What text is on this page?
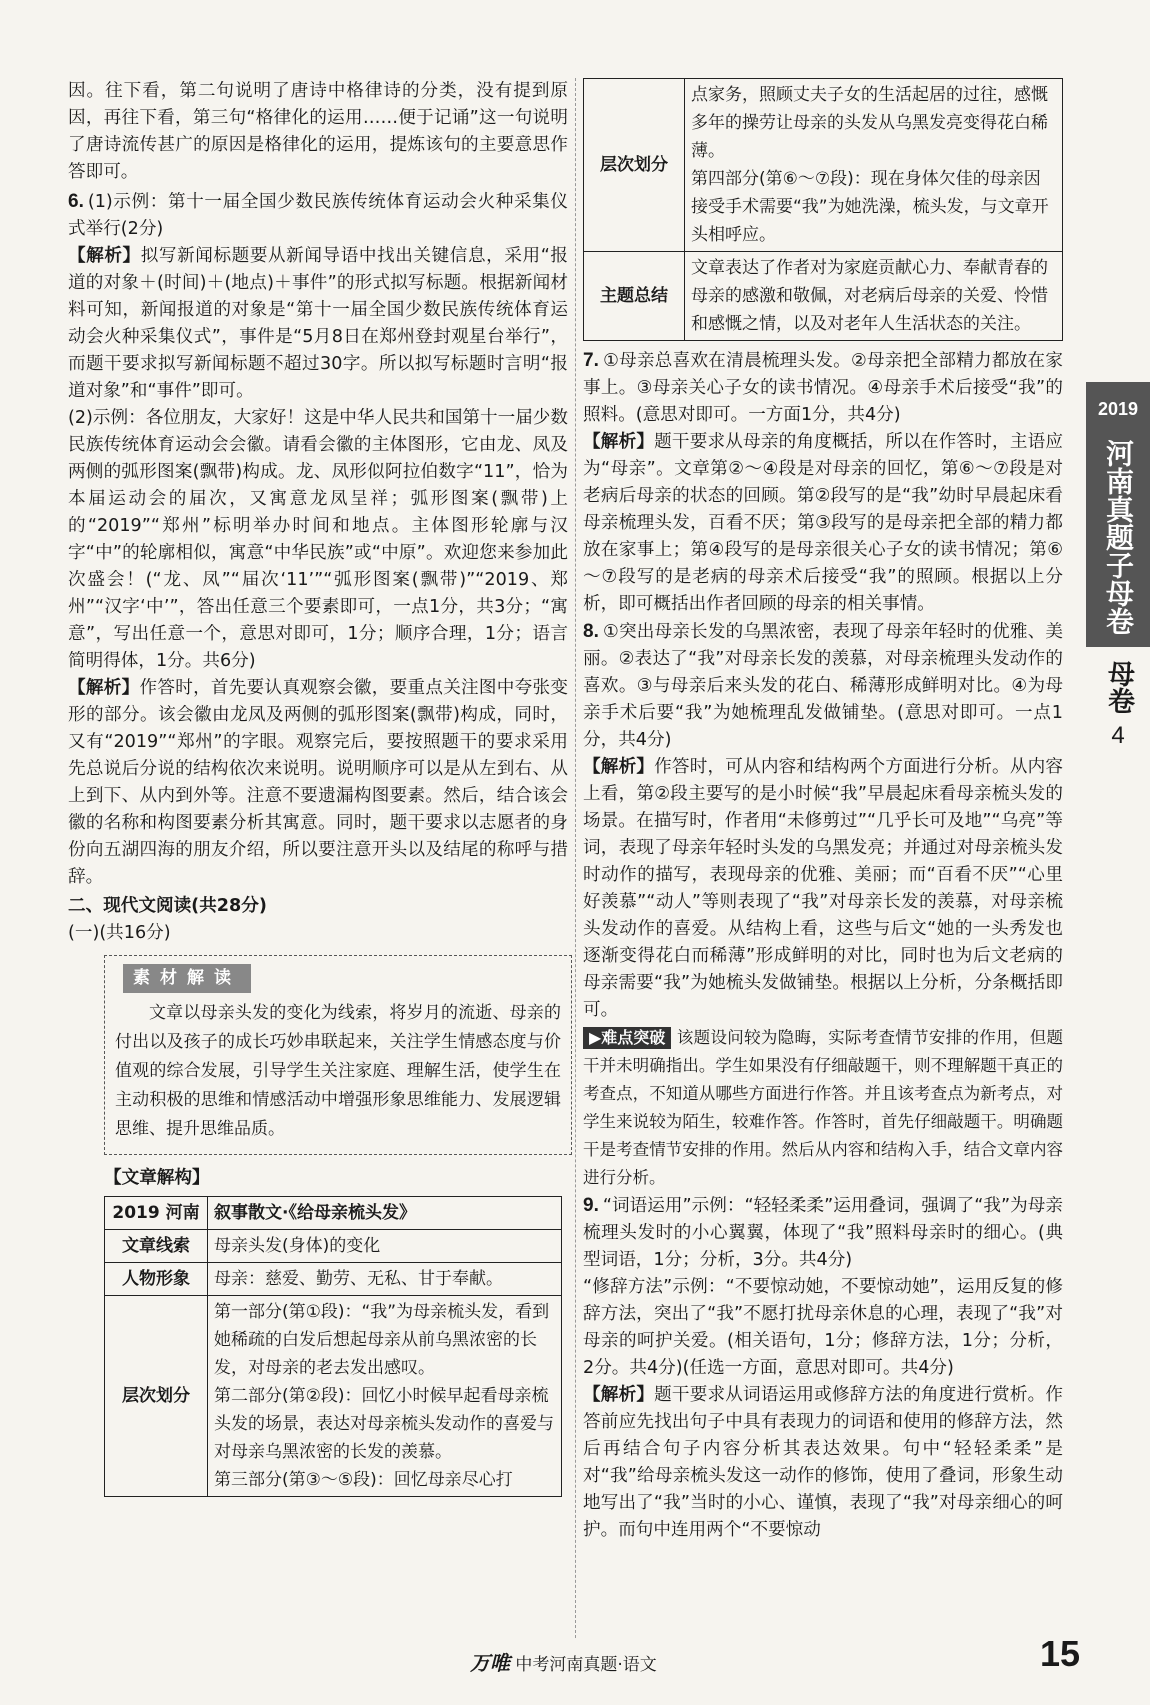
因。往下看，第二句说明了唐诗中格律诗的分类，没有提到原因，再往下看，第三句“格律化的运用……便于记诵”这一句说明了唐诗流传甚广的原因是格律化的运用，提炼该句的主要意思作答即可。

6. (1)示例：第十一届全国少数民族传统体育运动会火种采集仪式举行(2分)

【解析】拟写新闻标题要从新闻导语中找出关键信息，采用“报道的对象＋(时间)＋(地点)＋事件”的形式拟写标题。根据新闻材料可知，新闻报道的对象是“第十一届全国少数民族传统体育运动会火种采集仪式”，事件是“5月8日在郑州登封观星台举行”，而题干要求拟写新闻标题不超过30字。所以拟写标题时言明“报道对象”和“事件”即可。

(2)示例：各位朋友，大家好！这是中华人民共和国第十一届少数民族传统体育运动会会徽。请看会徽的主体图形，它由龙、凤及两侧的弧形图案(飘带)构成。龙、凤形似阿拉伯数字“11”，恰为本届运动会的届次，又寓意龙凤呈祥；弧形图案(飘带)上的“2019”“郑州”标明举办时间和地点。主体图形轮廓与汉字“中”的轮廓相似，寓意“中华民族”或“中原”。欢迎您来参加此次盛会！(“龙、凤”“届次‘11’”“弧形图案(飘带)”“2019、郑州”“汉字‘中’”，答出任意三个要素即可，一点1分，共3分；“寓意”，写出任意一个，意思对即可，1分；顺序合理，1分；语言简明得体，1分。共6分)

【解析】作答时，首先要认真观察会徽，要重点关注图中夸张变形的部分。该会徽由龙凤及两侧的弧形图案(飘带)构成，同时，又有“2019”“郑州”的字眼。观察完后，要按照题干的要求采用先总说后分说的结构依次来说明。说明顺序可以是从左到右、从上到下、从内到外等。注意不要遗漏构图要素。然后，结合该会徽的名称和构图要素分析其寓意。同时，题干要求以志愿者的身份向五湖四海的朋友介绍，所以要注意开头以及结尾的称呼与措辞。

二、现代文阅读(共28分)

(一)(共16分)

素材解读

文章以母亲头发的变化为线索，将岁月的流逝、母亲的付出以及孩子的成长巧妙串联起来，关注学生情感态度与价值观的综合发展，引导学生关注家庭、理解生活，使学生在主动积极的思维和情感活动中增强形象思维能力、发展逻辑思维、提升思维品质。

【文章解构】
2019 河南	叙事散文·《给母亲梳头发》
文章线索	母亲头发(身体)的变化
人物形象	母亲：慈爱、勤劳、无私、甘于奉献。
层次划分	第一部分(第①段)：“我”为母亲梳头发，看到她稀疏的白发后想起母亲从前乌黑浓密的长发，对母亲的老去发出感叹。
第二部分(第②段)：回忆小时候早起看母亲梳头发的场景，表达对母亲梳头发动作的喜爱与对母亲乌黑浓密的长发的羡慕。
第三部分(第③～⑤段)：回忆母亲尽心打
层次划分	点家务，照顾丈夫子女的生活起居的过往，感慨多年的操劳让母亲的头发从乌黑发亮变得花白稀薄。
第四部分(第⑥～⑦段)：现在身体欠佳的母亲因接受手术需要“我”为她洗澡，梳头发，与文章开头相呼应。

主题总结	文章表达了作者对为家庭贡献心力、奉献青春的母亲的感激和敬佩，对老病后母亲的关爱、怜惜和感慨之情，以及对老年人生活状态的关注。

7. ①母亲总喜欢在清晨梳理头发。②母亲把全部精力都放在家事上。③母亲关心子女的读书情况。④母亲手术后接受“我”的照料。(意思对即可。一方面1分，共4分)

【解析】题干要求从母亲的角度概括，所以在作答时，主语应为“母亲”。文章第②～④段是对母亲的回忆，第⑥～⑦段是对老病后母亲的状态的回顾。第②段写的是“我”幼时早晨起床看母亲梳理头发，百看不厌；第③段写的是母亲把全部的精力都放在家事上；第④段写的是母亲很关心子女的读书情况；第⑥～⑦段写的是老病的母亲术后接受“我”的照顾。根据以上分析，即可概括出作者回顾的母亲的相关事情。

8. ①突出母亲长发的乌黑浓密，表现了母亲年轻时的优雅、美丽。②表达了“我”对母亲长发的羡慕，对母亲梳理头发动作的喜欢。③与母亲后来头发的花白、稀薄形成鲜明对比。④为母亲手术后要“我”为她梳理乱发做铺垫。(意思对即可。一点1分，共4分)

【解析】作答时，可从内容和结构两个方面进行分析。从内容上看，第②段主要写的是小时候“我”早晨起床看母亲梳头发的场景。在描写时，作者用“未修剪过”“几乎长可及地”“乌亮”等词，表现了母亲年轻时头发的乌黑发亮；并通过对母亲梳头发时动作的描写，表现母亲的优雅、美丽；而“百看不厌”“心里好羡慕”“动人”等则表现了“我”对母亲长发的羡慕，对母亲梳头发动作的喜爱。从结构上看，这些与后文“她的一头秀发也逐渐变得花白而稀薄”形成鲜明的对比，同时也为后文老病的母亲需要“我”为她梳头发做铺垫。根据以上分析，分条概括即可。

▶难点突破 该题设问较为隐晦，实际考查情节安排的作用，但题干并未明确指出。学生如果没有仔细敲题干，则不理解题干真正的考查点，不知道从哪些方面进行作答。并且该考查点为新考点，对学生来说较为陌生，较难作答。作答时，首先仔细敲题干。明确题干是考查情节安排的作用。然后从内容和结构入手，结合文章内容进行分析。

9. “词语运用”示例：“轻轻柔柔”运用叠词，强调了“我”为母亲梳理头发时的小心翼翼，体现了“我”照料母亲时的细心。(典型词语，1分；分析，3分。共4分)

“修辞方法”示例：“不要惊动她，不要惊动她”，运用反复的修辞方法，突出了“我”不愿打扰母亲休息的心理，表现了“我”对母亲的呵护关爱。(相关语句，1分；修辞方法，1分；分析，2分。共4分)(任选一方面，意思对即可。共4分)

【解析】题干要求从词语运用或修辞方法的角度进行赏析。作答前应先找出句子中具有表现力的词语和使用的修辞方法，然后再结合句子内容分析其表达效果。句中“轻轻柔柔”是对“我”给母亲梳头发这一动作的修饰，使用了叠词，形象生动地写出了“我”当时的小心、谨慎，表现了“我”对母亲细心的呵护。而句中连用两个“不要惊动

2019
河南真题子母卷
母卷
4
万唯 中考河南真题·语文	15
